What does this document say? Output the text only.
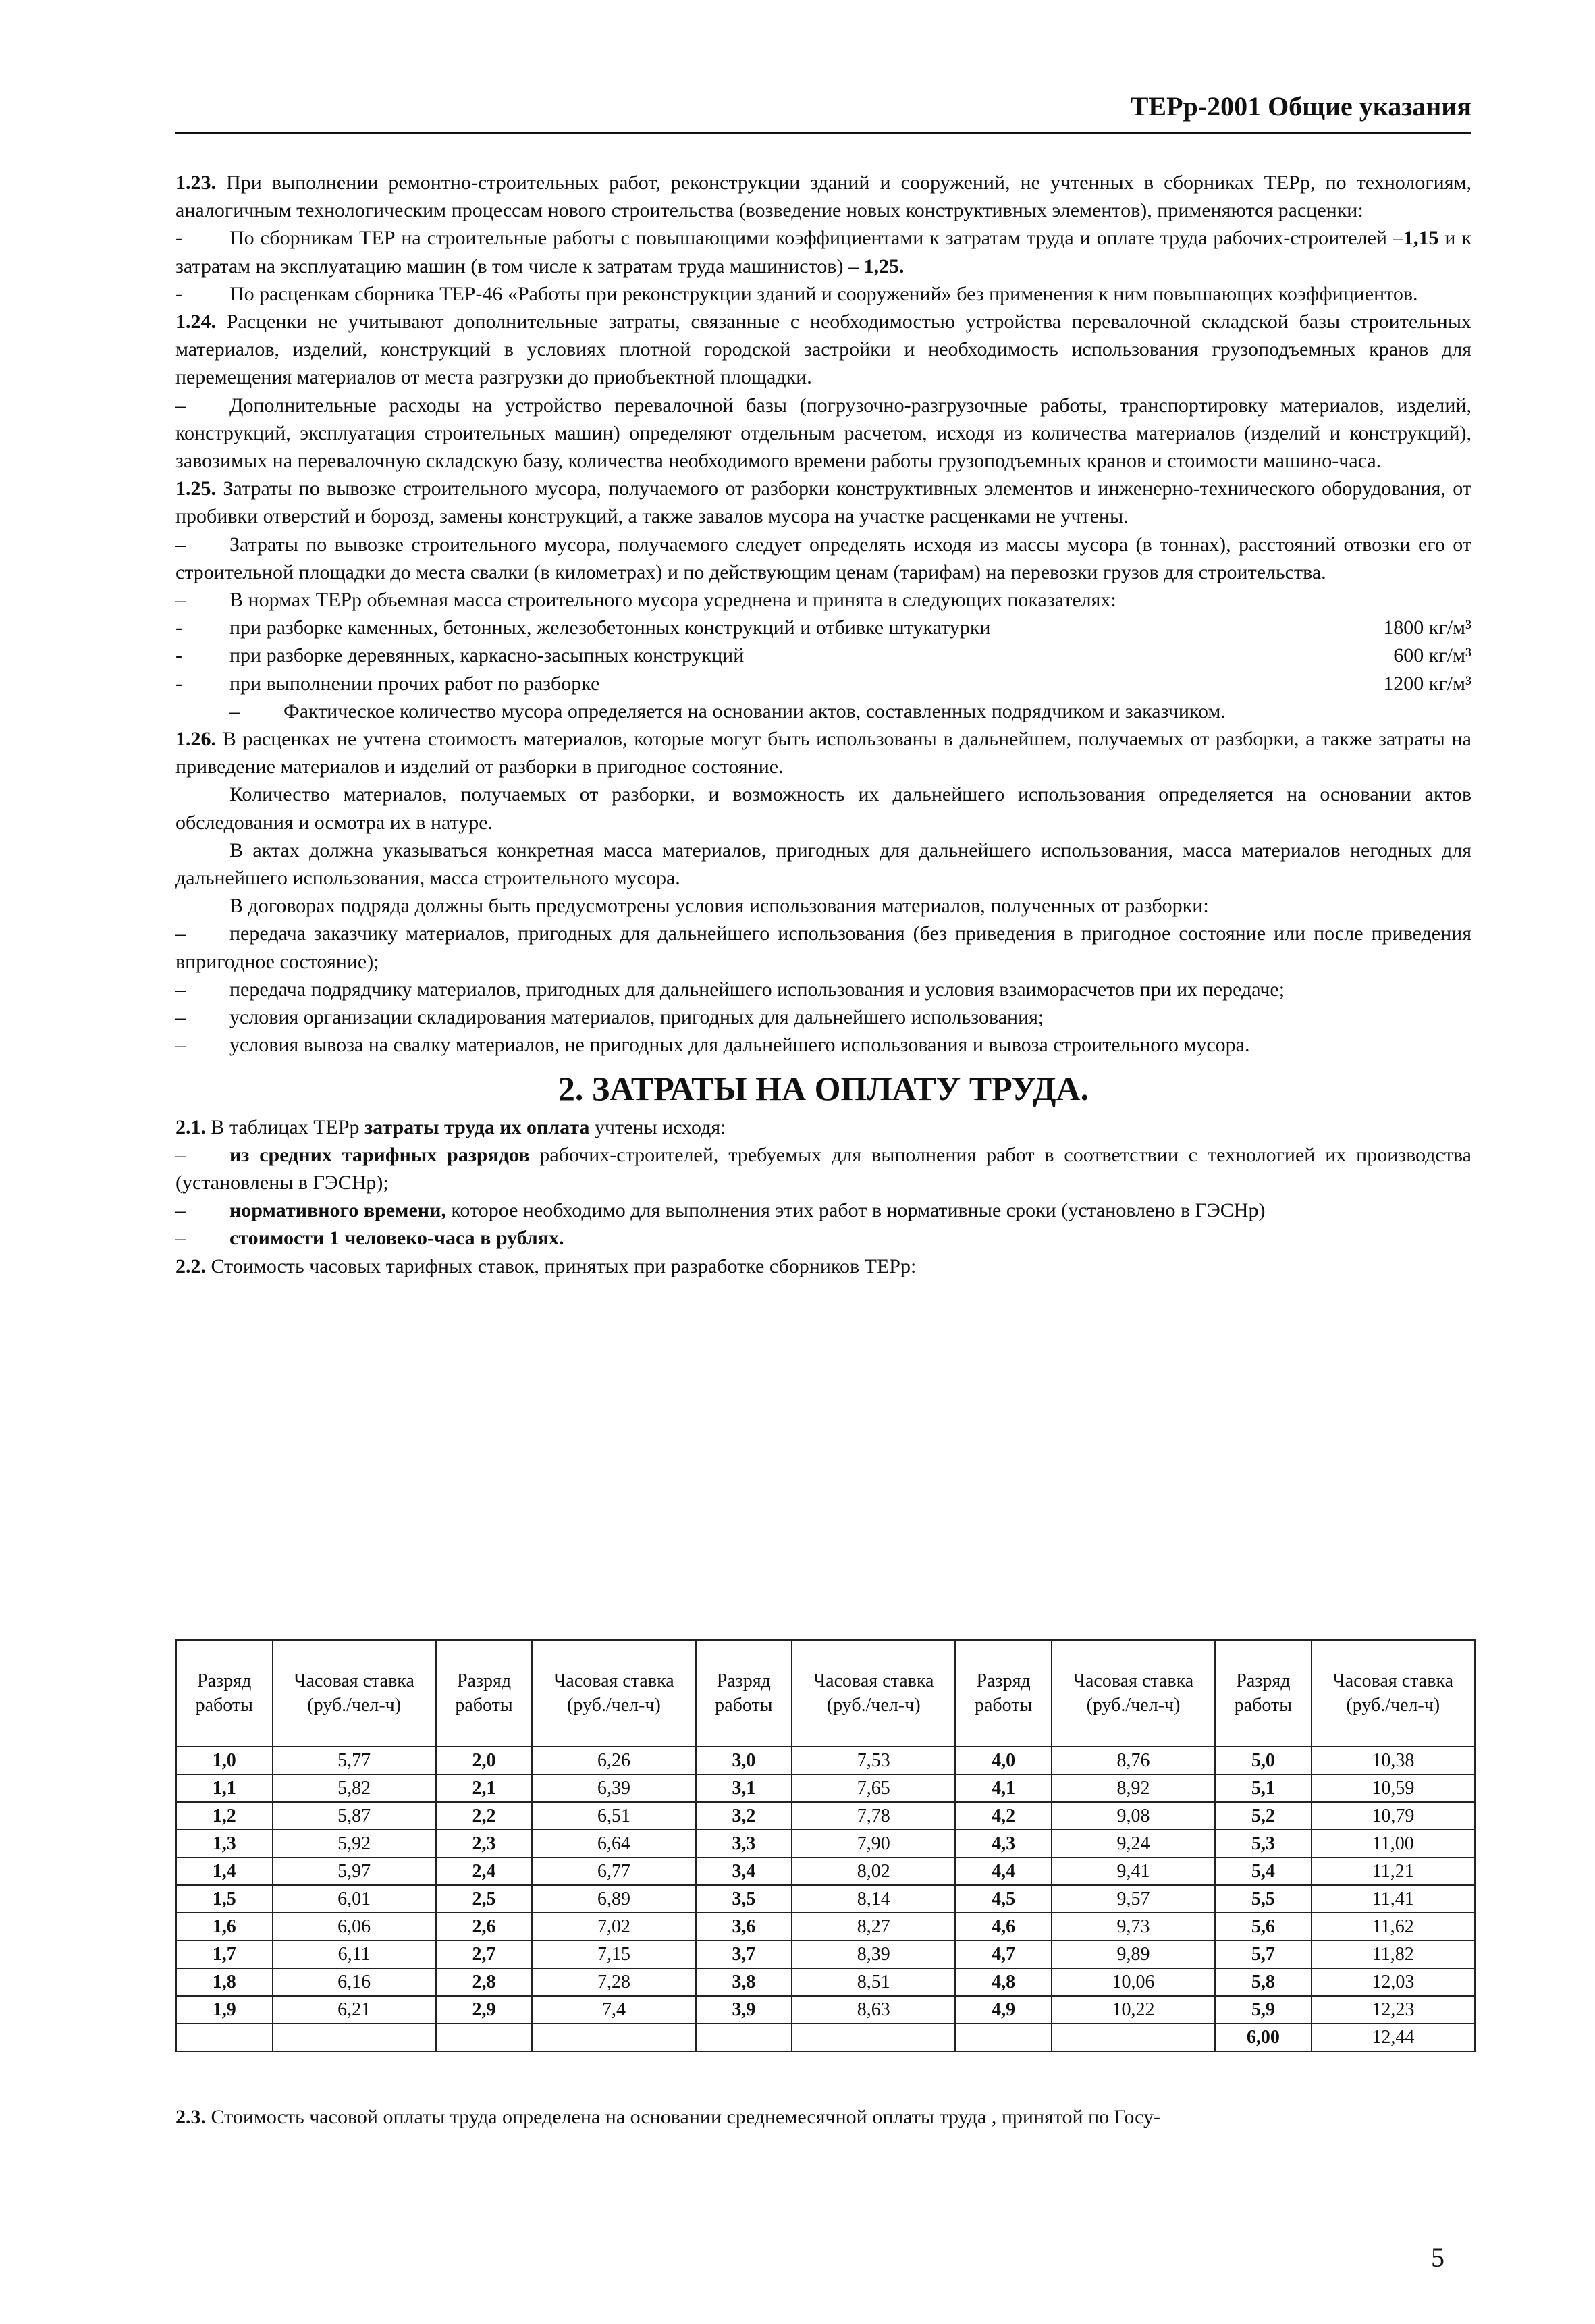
ТЕРр-2001 Общие указания

1.23. При выполнении ремонтно-строительных работ, реконструкции зданий и сооружений, не учтенных в сборниках ТЕРр, по технологиям, аналогичным технологическим процессам нового строительства (возведение новых конструктивных элементов), применяются расценки:

- По сборникам ТЕР на строительные работы с повышающими коэффициентами к затратам труда и оплате труда рабочих-строителей –1,15 и к затратам на эксплуатацию машин (в том числе к затратам труда машинистов) – 1,25.

- По расценкам сборника ТЕР-46 «Работы при реконструкции зданий и сооружений» без применения к ним повышающих коэффициентов.

1.24. Расценки не учитывают дополнительные затраты, связанные с необходимостью устройства перевалочной складской базы строительных материалов, изделий, конструкций в условиях плотной городской застройки и необходимость использования грузоподъемных кранов для перемещения материалов от места разгрузки до приобъектной площадки.

– Дополнительные расходы на устройство перевалочной базы (погрузочно-разгрузочные работы, транспортировку материалов, изделий, конструкций, эксплуатация строительных машин) определяют отдельным расчетом, исходя из количества материалов (изделий и конструкций), завозимых на перевалочную складскую базу, количества необходимого времени работы грузоподъемных кранов и стоимости машино-часа.

1.25. Затраты по вывозке строительного мусора, получаемого от разборки конструктивных элементов и инженерно-технического оборудования, от пробивки отверстий и борозд, замены конструкций, а также завалов мусора на участке расценками не учтены.

– Затраты по вывозке строительного мусора, получаемого следует определять исходя из массы мусора (в тоннах), расстояний отвозки его от строительной площадки до места свалки (в километрах) и по действующим ценам (тарифам) на перевозки грузов для строительства.

– В нормах ТЕРр объемная масса строительного мусора усреднена и принята в следующих показателях:

- при разборке каменных, бетонных, железобетонных конструкций и отбивке штукатурки	1800 кг/м³
- при разборке деревянных, каркасно-засыпных конструкций	600 кг/м³
- при выполнении прочих работ по разборке	1200 кг/м³

– Фактическое количество мусора определяется на основании актов, составленных подрядчиком и заказчиком.

1.26. В расценках не учтена стоимость материалов, которые могут быть использованы в дальнейшем, получаемых от разборки, а также затраты на приведение материалов и изделий от разборки в пригодное состояние.

Количество материалов, получаемых от разборки, и возможность их дальнейшего использования определяется на основании актов обследования и осмотра их в натуре.

В актах должна указываться конкретная масса материалов, пригодных для дальнейшего использования, масса материалов негодных для дальнейшего использования, масса строительного мусора.

В договорах подряда должны быть предусмотрены условия использования материалов, полученных от разборки:

– передача заказчику материалов, пригодных для дальнейшего использования (без приведения в пригодное состояние или после приведения впригодное состояние);

– передача подрядчику материалов, пригодных для дальнейшего использования и условия взаиморасчетов при их передаче;

– условия организации складирования материалов, пригодных для дальнейшего использования;

– условия вывоза на свалку материалов, не пригодных для дальнейшего использования и вывоза строительного мусора.

2. ЗАТРАТЫ НА ОПЛАТУ ТРУДА.

2.1. В таблицах ТЕРр затраты труда их оплата учтены исходя:

– из средних тарифных разрядов рабочих-строителей, требуемых для выполнения работ в соответствии с технологией их производства (установлены в ГЭСНр);

– нормативного времени, которое необходимо для выполнения этих работ в нормативные сроки (установлено в ГЭСНр)

– стоимости 1 человеко-часа в рублях.

2.2. Стоимость часовых тарифных ставок, принятых при разработке сборников ТЕРр:

Разряд работы	Часовая ставка (руб./чел-ч)	Разряд работы	Часовая ставка (руб./чел-ч)	Разряд работы	Часовая ставка (руб./чел-ч)	Разряд работы	Часовая ставка (руб./чел-ч)	Разряд работы	Часовая ставка (руб./чел-ч)
1,0	5,77	2,0	6,26	3,0	7,53	4,0	8,76	5,0	10,38
1,1	5,82	2,1	6,39	3,1	7,65	4,1	8,92	5,1	10,59
1,2	5,87	2,2	6,51	3,2	7,78	4,2	9,08	5,2	10,79
1,3	5,92	2,3	6,64	3,3	7,90	4,3	9,24	5,3	11,00
1,4	5,97	2,4	6,77	3,4	8,02	4,4	9,41	5,4	11,21
1,5	6,01	2,5	6,89	3,5	8,14	4,5	9,57	5,5	11,41
1,6	6,06	2,6	7,02	3,6	8,27	4,6	9,73	5,6	11,62
1,7	6,11	2,7	7,15	3,7	8,39	4,7	9,89	5,7	11,82
1,8	6,16	2,8	7,28	3,8	8,51	4,8	10,06	5,8	12,03
1,9	6,21	2,9	7,4	3,9	8,63	4,9	10,22	5,9	12,23
								6,00	12,44
2.3. Стоимость часовой оплаты труда определена на основании среднемесячной оплаты труда , принятой по Госу-
5
